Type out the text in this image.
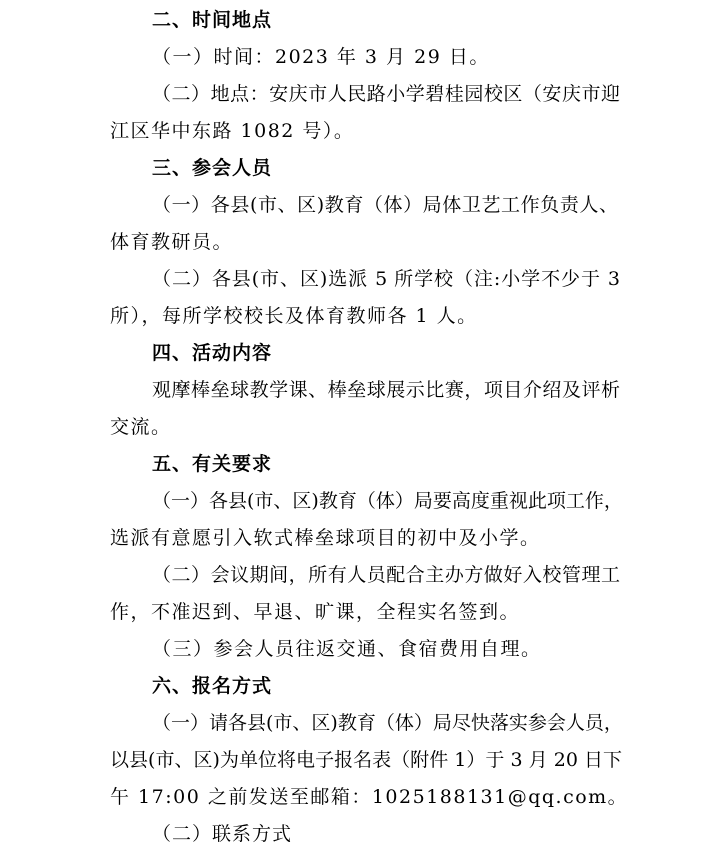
二、时间地点
（一）时间：2023 年 3 月 29 日。
（二）地点：安庆市人民路小学碧桂园校区（安庆市迎
江区华中东路 1082 号）。
三、参会人员
（一）各县(市、区)教育（体）局体卫艺工作负责人、
体育教研员。
（二）各县(市、区)选派 5 所学校（注:小学不少于 3
所），每所学校校长及体育教师各 1 人。
四、活动内容
观摩棒垒球教学课、棒垒球展示比赛，项目介绍及评析
交流。
五、有关要求
（一）各县(市、区)教育（体）局要高度重视此项工作，
选派有意愿引入软式棒垒球项目的初中及小学。
（二）会议期间，所有人员配合主办方做好入校管理工
作，不准迟到、早退、旷课，全程实名签到。
（三）参会人员往返交通、食宿费用自理。
六、报名方式
（一）请各县(市、区)教育（体）局尽快落实参会人员，
以县(市、区)为单位将电子报名表（附件 1）于 3 月 20 日下
午 17:00 之前发送至邮箱：1025188131@qq.com。
（二）联系方式
